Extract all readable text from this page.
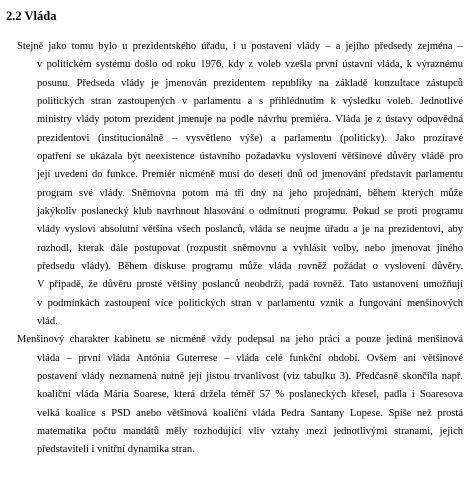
2.2 Vláda
Stejně jako tomu bylo u prezidentského úřadu, i u postavení vlády – a jejího předsedy zejména –
v politickém systému došlo od roku 1976, kdy z voleb vzešla první ústavní vláda, k výraznému
posunu. Předseda vlády je jmenován prezidentem republiky na základě konzultace zástupců
politických stran zastoupených v parlamentu a s přihlédnutím k výsledku voleb. Jednotlivé
ministry vlády potom prezident jmenuje na podle návrhu premiéra. Vláda je z ústavy odpovědná
prezidentovi (institucionálně – vysvětleno výše) a parlamentu (politicky). Jako prozíravé
opatření se ukázala být neexistence ústavního požadavku vyslovení většinové důvěry vládě pro
její uvedení do funkce. Premiér nicméně musí do deseti dnů od jmenování představit parlamentu
program své vlády. Sněmovna potom má tři dny na jeho projednání, během kterých může
jakýkoliv poslanecký klub navrhnout hlasování o odmítnutí programu. Pokud se proti programu
vlády vysloví absolutní většina všech poslanců, vláda se neujme úřadu a je na prezidentovi, aby
rozhodl, kterak dále postupovat (rozpustit sněmovnu a vyhlásit volby, nebo jmenovat jiného
předsedu vlády). Během diskuse programu může vláda rovněž požádat o vyslovení důvěry.
V případě, že důvěru prosté většiny poslanců neobdrží, padá rovněž. Tato ustanovení umožňují
v podmínkách zastoupení více politických stran v parlamentu vznik a fungování menšinových
vlád.
Menšinový charakter kabinetu se nicméně vždy podepsal na jeho práci a pouze jediná menšinová
vláda – první vláda Antónia Guterrese – vláda celé funkční období. Ovšem ani většinové
postavení vlády neznamená nutně její jistou trvanlivost (viz tabulku 3). Předčasně skončila např.
koaliční vláda Mária Soarese, která držela téměř 57 % poslaneckých křesel, padla i Soaresova
velká koalice s PSD anebo většinová koaliční vláda Pedra Santany Lopese. Spíše než prostá
matematika počtu mandátů měly rozhodující vliv vztahy mezi jednotlivými stranami, jejich
představiteli i vnitřní dynamika stran.
